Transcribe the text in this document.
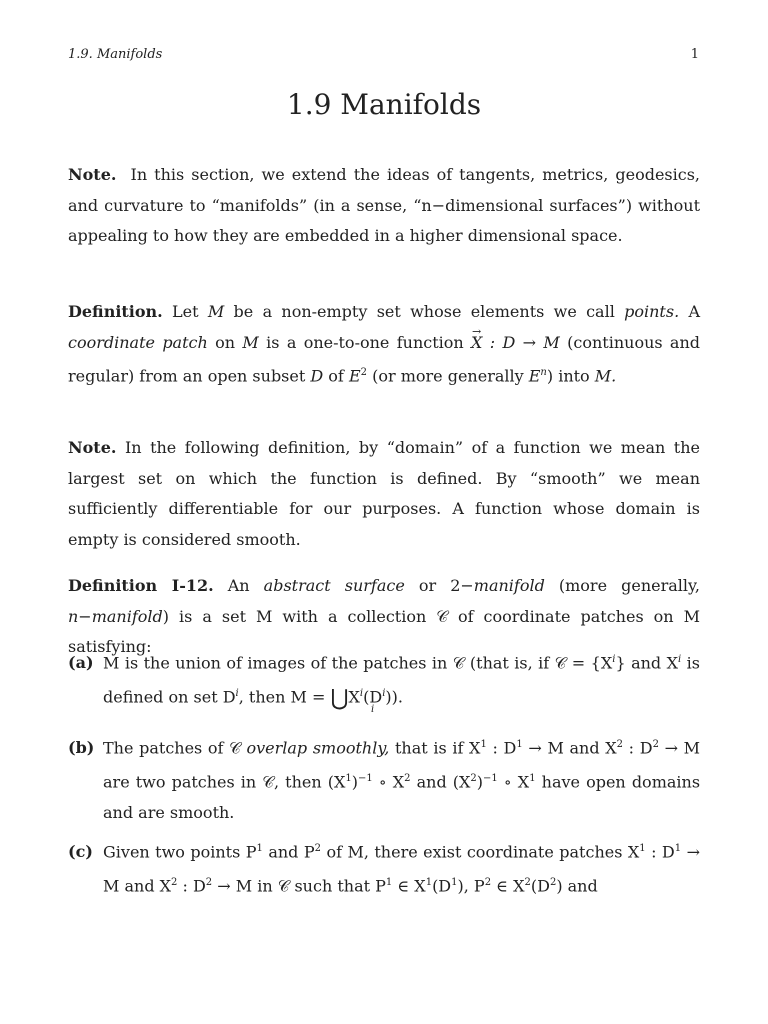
1.9. Manifolds	1
1.9 Manifolds
Note. In this section, we extend the ideas of tangents, metrics, geodesics, and curvature to “manifolds” (in a sense, “n−dimensional surfaces”) without appealing to how they are embedded in a higher dimensional space.
Definition. Let M be a non-empty set whose elements we call points. A coordinate patch on M is a one-to-one function → X : D → M (continuous and regular) from an open subset D of $E^2$ (or more generally $E^n$) into M.
Note. In the following definition, by “domain” of a function we mean the largest set on which the function is defined. By “smooth” we mean sufficiently differentiable for our purposes. A function whose domain is empty is considered smooth.
Definition I-12. An abstract surface or 2−manifold (more generally, n−manifold) is a set M with a collection 𝒞 of coordinate patches on M satisfying:
(a) M is the union of images of the patches in 𝒞 (that is, if 𝒞 = $\{X^i\}$ and $X^i$ is defined on set $D^i$, then $M = ⋃X^i(D^i)$).
i
(b) The patches of 𝒞 overlap smoothly, that is if $X^1$ : $D^1 \to M$ and $X^2$ : $D^2 \to M$ are two patches in 𝒞, then $(X^1)^{-1}$ ∘ $X^2$ and $(X^2)^{-1}$ ∘ $X^1$ have open domains and are smooth.
(c) Given two points $P^1$ and $P^2$ of M, there exist coordinate patches $X^1$ : $D^1 \to M$ and $X^2$ : $D^2 \to M$ in 𝒞 such that $P^1$ ∈ $X^1(D^1)$, $P^2$ ∈ $X^2(D^2)$ and
